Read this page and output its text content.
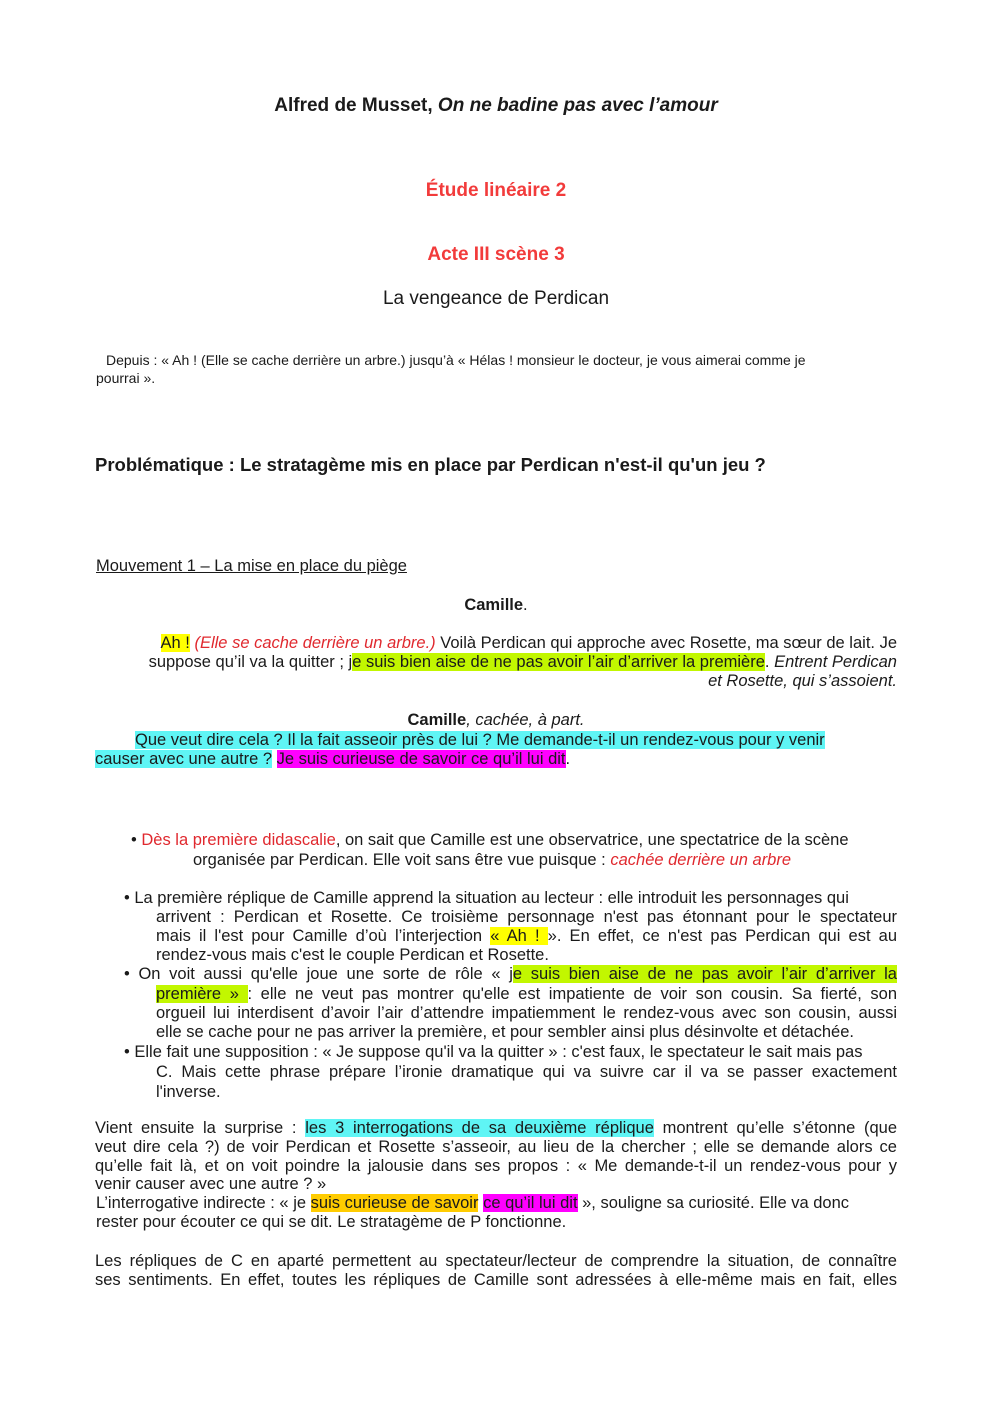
Alfred de Musset, On ne badine pas avec l’amour
Étude linéaire 2
Acte III scène 3
La vengeance de Perdican
Depuis : « Ah ! (Elle se cache derrière un arbre.) jusqu’à « Hélas ! monsieur le docteur, je vous aimerai comme je
pourrai ».
Problématique : Le stratagème mis en place par Perdican n'est-il qu'un jeu ?
Mouvement 1 – La mise en place du piège
Camille.
Ah ! (Elle se cache derrière un arbre.) Voilà Perdican qui approche avec Rosette, ma sœur de lait. Je
suppose qu’il va la quitter ; je suis bien aise de ne pas avoir l’air d’arriver la première. Entrent Perdican
et Rosette, qui s’assoient.
Camille, cachée, à part.
Que veut dire cela ? Il la fait asseoir près de lui ? Me demande-t-il un rendez-vous pour y venir
causer avec une autre ? Je suis curieuse de savoir ce qu’il lui dit.
• Dès la première didascalie, on sait que Camille est une observatrice, une spectatrice de la scène
organisée par Perdican. Elle voit sans être vue puisque : cachée derrière un arbre
• La première réplique de Camille apprend la situation au lecteur : elle introduit les personnages qui
arrivent : Perdican et Rosette. Ce troisième personnage n'est pas étonnant pour le spectateur
mais il l'est pour Camille d’où l’interjection « Ah ! ». En effet, ce n'est pas Perdican qui est au
rendez-vous mais c'est le couple Perdican et Rosette.
• On voit aussi qu'elle joue une sorte de rôle « je suis bien aise de ne pas avoir l’air d’arriver la
première » : elle ne veut pas montrer qu'elle est impatiente de voir son cousin. Sa fierté, son
orgueil lui interdisent d’avoir l’air d’attendre impatiemment le rendez-vous avec son cousin, aussi
elle se cache pour ne pas arriver la première, et pour sembler ainsi plus désinvolte et détachée.
• Elle fait une supposition : « Je suppose qu'il va la quitter » : c'est faux, le spectateur le sait mais pas
C. Mais cette phrase prépare l’ironie dramatique qui va suivre car il va se passer exactement
l'inverse.
Vient ensuite la surprise : les 3 interrogations de sa deuxième réplique montrent qu’elle s’étonne (que
veut dire cela ?) de voir Perdican et Rosette s’asseoir, au lieu de la chercher ; elle se demande alors ce
qu’elle fait là, et on voit poindre la jalousie dans ses propos : « Me demande-t-il un rendez-vous pour y
venir causer avec une autre ? »
L’interrogative indirecte : « je suis curieuse de savoir ce qu’il lui dit », souligne sa curiosité. Elle va donc
rester pour écouter ce qui se dit. Le stratagème de P fonctionne.
Les répliques de C en aparté permettent au spectateur/lecteur de comprendre la situation, de connaître
ses sentiments. En effet, toutes les répliques de Camille sont adressées à elle-même mais en fait, elles
